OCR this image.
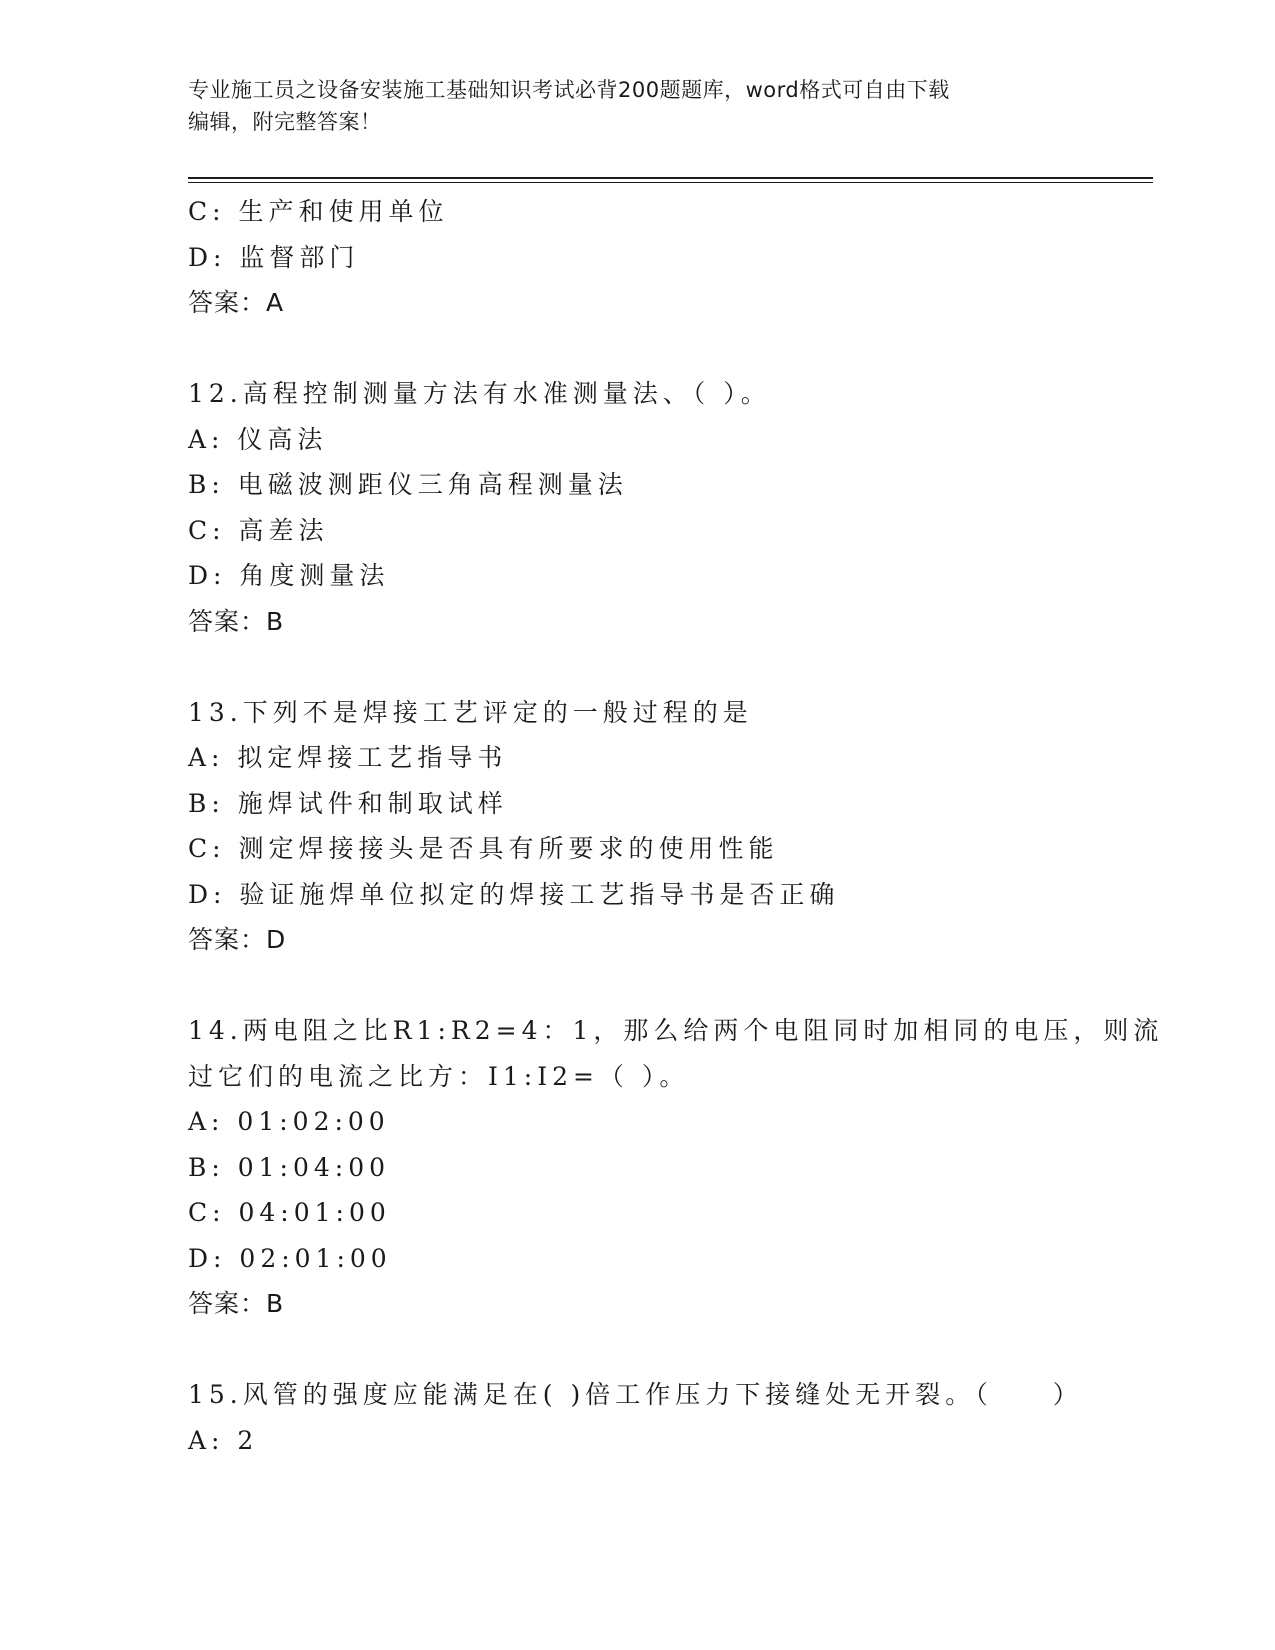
专业施工员之设备安装施工基础知识考试必背200题题库，word格式可自由下载
编辑，附完整答案！
C: 生产和使用单位
D: 监督部门
答案：A
12.高程控制测量方法有水准测量法、（ ）。
A: 仪高法
B: 电磁波测距仪三角高程测量法
C: 高差法
D: 角度测量法
答案：B
13.下列不是焊接工艺评定的一般过程的是
A: 拟定焊接工艺指导书
B: 施焊试件和制取试样
C: 测定焊接接头是否具有所要求的使用性能
D: 验证施焊单位拟定的焊接工艺指导书是否正确
答案：D
14.两电阻之比R1:R2=4：1，那么给两个电阻同时加相同的电压，则流
过它们的电流之比方：I1:I2=（ ）。
A: 01:02:00
B: 01:04:00
C: 04:01:00
D: 02:01:00
答案：B
15.风管的强度应能满足在( )倍工作压力下接缝处无开裂。（　　）
A: 2
